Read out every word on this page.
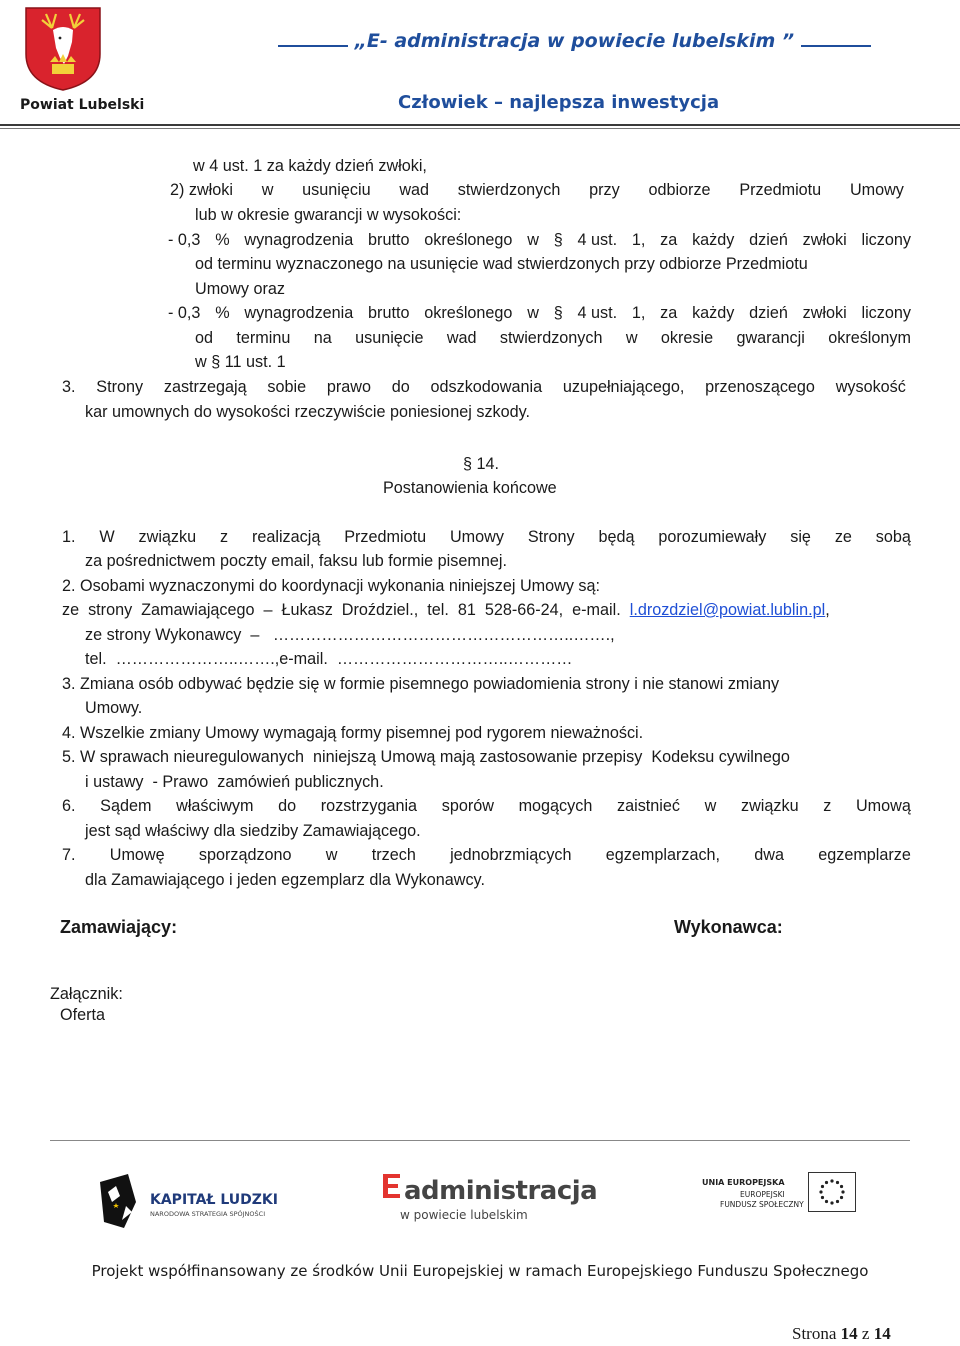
Powiat Lubelski
„E- administracja w powiecie lubelskim ”
Człowiek – najlepsza inwestycja
w 4 ust. 1 za każdy dzień zwłoki,
2) zwłoki w usunięciu wad stwierdzonych przy odbiorze Przedmiotu Umowy
lub w okresie gwarancji w wysokości:
- 0,3 % wynagrodzenia brutto określonego w § 4 ust. 1, za każdy dzień zwłoki liczony
od terminu wyznaczonego na usunięcie wad stwierdzonych przy odbiorze Przedmiotu
Umowy oraz
- 0,3 % wynagrodzenia brutto określonego w § 4 ust. 1, za każdy dzień zwłoki liczony
od terminu na usunięcie wad stwierdzonych w okresie gwarancji określonym
w § 11 ust. 1
3. Strony zastrzegają sobie prawo do odszkodowania uzupełniającego, przenoszącego wysokość
kar umownych do wysokości rzeczywiście poniesionej szkody.
§ 14.
Postanowienia końcowe
1. W związku z realizacją Przedmiotu Umowy Strony będą porozumiewały się ze sobą
za pośrednictwem poczty email, faksu lub formie pisemnej.
2. Osobami wyznaczonymi do koordynacji wykonania niniejszej Umowy są:
ze  strony  Zamawiającego  –  Łukasz  Droździel.,  tel.  81  528-66-24,  e-mail.  l.drozdziel@powiat.lublin.pl,
ze strony Wykonawcy  –   ………………………………………………..…….,
tel.  …………………..…….,e-mail.  …………………………..…………
3. Zmiana osób odbywać będzie się w formie pisemnego powiadomienia strony i nie stanowi zmiany
Umowy.
4. Wszelkie zmiany Umowy wymagają formy pisemnej pod rygorem nieważności.
5. W sprawach nieuregulowanych  niniejszą Umową mają zastosowanie przepisy  Kodeksu cywilnego
i ustawy  - Prawo  zamówień publicznych.
6. Sądem właściwym do rozstrzygania sporów mogących zaistnieć w związku z Umową
jest sąd właściwy dla siedziby Zamawiającego.
7. Umowę sporządzono w trzech jednobrzmiących egzemplarzach, dwa egzemplarze
dla Zamawiającego i jeden egzemplarz dla Wykonawcy.
Zamawiający:	Wykonawca:
Załącznik:
Oferta
KAPITAŁ LUDZKI
NARODOWA STRATEGIA SPÓJNOŚCI
administracja
w powiecie lubelskim
UNIA EUROPEJSKA
EUROPEJSKI
FUNDUSZ SPOŁECZNY
Projekt współfinansowany ze środków Unii Europejskiej w ramach Europejskiego Funduszu Społecznego
Strona 14 z 14
